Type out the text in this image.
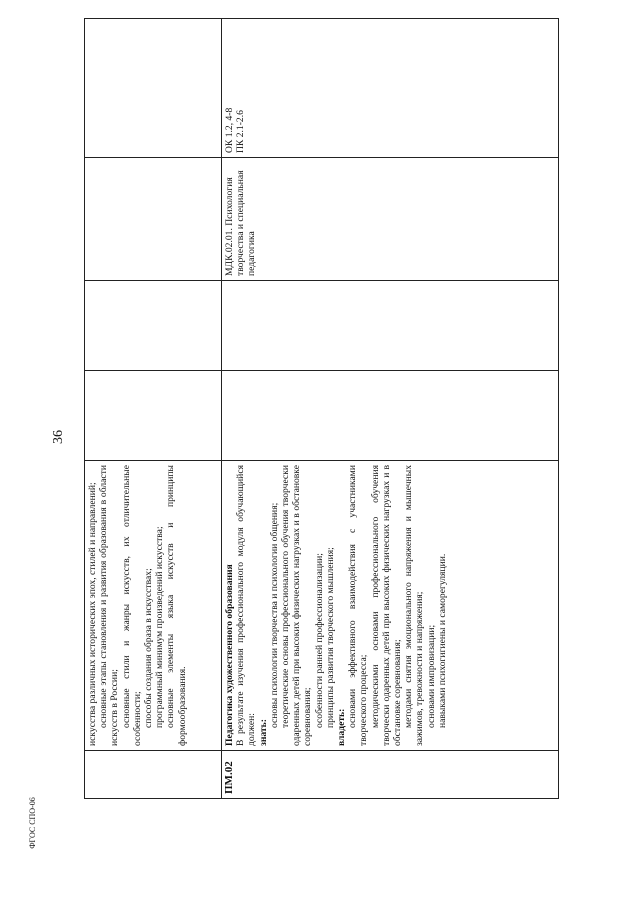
36
ФГОС СПО-06

искусства различных исторических эпох, стилей и направлений; основные этапы становления и развития образования в области искусств в России; основные стили и жанры искусств, их отличительные особенности; способы создания образа в искусствах; программный минимум произведений искусства; основные элементы языка искусств и принципы формообразования.

ПМ.02

Педагогика художественного образования В результате изучения профессионального модуля обучающийся должен: знать:

основы психологии творчества и психологии общения; теоретические основы профессионального обучения творчески одаренных детей при высоких физических нагрузках и в обстановке соревнования; особенности ранней профессионализации; принципы развития творческого мышления; владеть: основами эффективного взаимодействия с участниками творческого процесса; методическими основами профессионального обучения творчески одаренных детей при высоких физических нагрузках и в обстановке соревнования; методами снятия эмоционального напряжения и мышечных зажимов, тревожности и напряжения; основами импровизации; навыками психогигиены и саморегуляции.

МДК.02.01. Психология творчества и специальная педагогика
ОК 1.2, 4-8 ПК 2.1-2.6
